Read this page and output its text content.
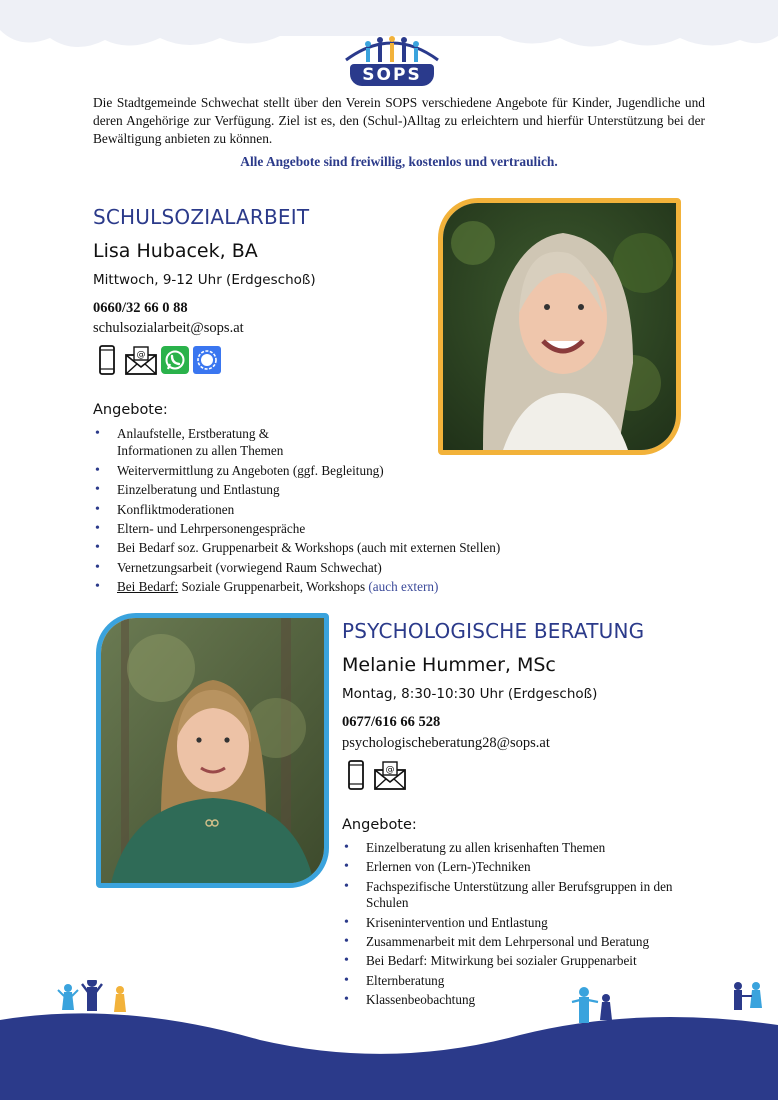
SOPS

Die Stadtgemeinde Schwechat stellt über den Verein SOPS verschiedene Angebote für Kinder, Jugendliche und deren Angehörige zur Verfügung. Ziel ist es, den (Schul-)Alltag zu erleichtern und hierfür Unterstützung bei der Bewältigung anbieten zu können.

Alle Angebote sind freiwillig, kostenlos und vertraulich.

SCHULSOZIALARBEIT
Lisa Hubacek, BA
Mittwoch, 9-12 Uhr (Erdgeschoß)
0660/32 66 0 88
schulsozialarbeit@sops.at
@
Angebote:
• Anlaufstelle, Erstberatung &
Informationen zu allen Themen
• Weitervermittlung zu Angeboten (ggf. Begleitung)
• Einzelberatung und Entlastung
• Konfliktmoderationen
• Eltern- und Lehrpersonengespräche
• Bei Bedarf soz. Gruppenarbeit & Workshops (auch mit externen Stellen)
• Vernetzungsarbeit (vorwiegend Raum Schwechat)
• Bei Bedarf: Soziale Gruppenarbeit, Workshops (auch extern)
PSYCHOLOGISCHE BERATUNG
Melanie Hummer, MSc
Montag, 8:30-10:30 Uhr (Erdgeschoß)
0677/616 66 528
psychologischeberatung28@sops.at
@
Angebote:
• Einzelberatung zu allen krisenhaften Themen
• Erlernen von (Lern-)Techniken
• Fachspezifische Unterstützung aller Berufsgruppen in den
Schulen
• Krisenintervention und Entlastung
• Zusammenarbeit mit dem Lehrpersonal und Beratung
• Bei Bedarf: Mitwirkung bei sozialer Gruppenarbeit
• Elternberatung
• Klassenbeobachtung
